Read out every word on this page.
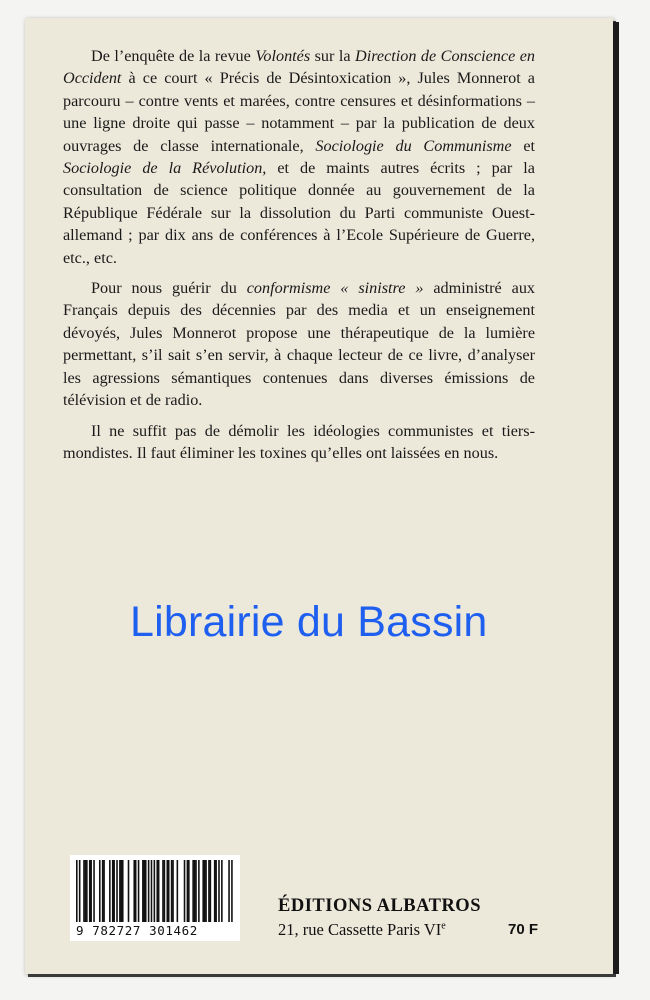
De l’enquête de la revue Volontés sur la Direction de Conscience en Occident à ce court « Précis de Désintoxication », Jules Monnerot a parcouru – contre vents et marées, contre censures et désinformations – une ligne droite qui passe – notamment – par la publication de deux ouvrages de classe internationale, Sociologie du Communisme et Sociologie de la Révolution, et de maints autres écrits ; par la consultation de science politique donnée au gouvernement de la République Fédérale sur la dissolution du Parti communiste Ouest-allemand ; par dix ans de conférences à l’Ecole Supérieure de Guerre, etc., etc.

Pour nous guérir du conformisme « sinistre » administré aux Français depuis des décennies par des media et un enseignement dévoyés, Jules Monnerot propose une thérapeutique de la lumière permettant, s’il sait s’en servir, à chaque lecteur de ce livre, d’analyser les agressions sémantiques contenues dans diverses émissions de télévision et de radio.

Il ne suffit pas de démolir les idéologies communistes et tiers-mondistes. Il faut éliminer les toxines qu’elles ont laissées en nous.

Librairie du Bassin
9 782727 301462
ÉDITIONS ALBATROS
21, rue Cassette Paris VIe	70 F
